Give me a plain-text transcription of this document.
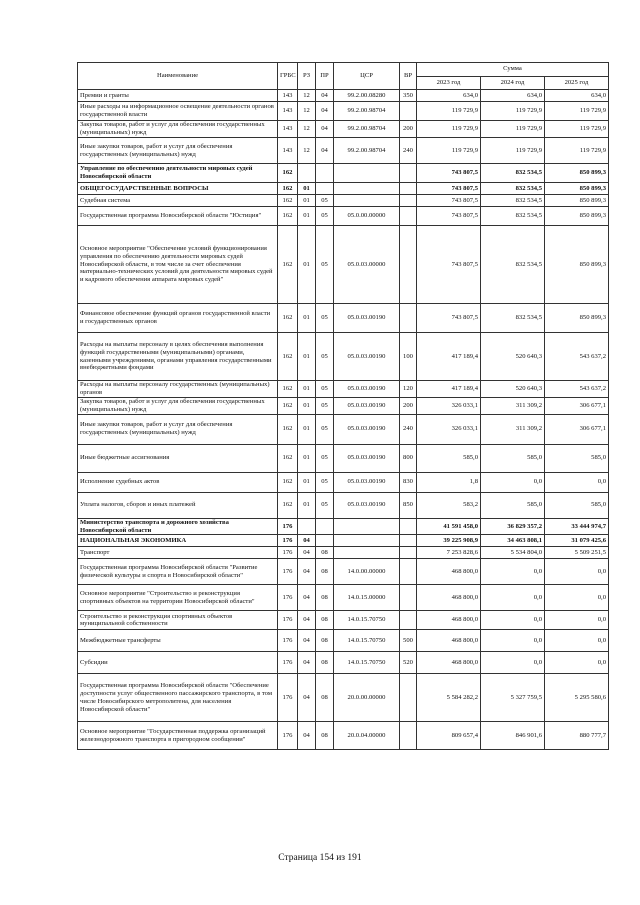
Наименование	ГРБС	РЗ	ПР	ЦСР	ВР	Сумма		
						2023 год	2024 год	2025 год
Премии и гранты	143	12	04	99.2.00.08280	350	634,0	634,0	634,0
Иные расходы на информационное освещение деятельности органов государственной власти	143	12	04	99.2.00.98704		119 729,9	119 729,9	119 729,9
Закупка товаров, работ и услуг для обеспечения государственных (муниципальных) нужд	143	12	04	99.2.00.98704	200	119 729,9	119 729,9	119 729,9
Иные закупки товаров, работ и услуг для обеспечения государственных (муниципальных) нужд	143	12	04	99.2.00.98704	240	119 729,9	119 729,9	119 729,9
Управление по обеспечению деятельности мировых судей Новосибирской области	162					743 807,5	832 534,5	850 899,3
ОБЩЕГОСУДАРСТВЕННЫЕ ВОПРОСЫ	162	01				743 807,5	832 534,5	850 899,3
Судебная система	162	01	05			743 807,5	832 534,5	850 899,3
Государственная программа Новосибирской области "Юстиция"	162	01	05	05.0.00.00000		743 807,5	832 534,5	850 899,3
Основное мероприятие "Обеспечение условий функционирования управления по обеспечению деятельности мировых судей Новосибирской области, в том числе за счет обеспечения материально-технических условий для деятельности мировых судей и кадрового обеспечения аппарата мировых судей"	162	01	05	05.0.03.00000		743 807,5	832 534,5	850 899,3
Финансовое обеспечение функций органов государственной власти и государственных органов	162	01	05	05.0.03.00190		743 807,5	832 534,5	850 899,3
Расходы на выплаты персоналу в целях обеспечения выполнения функций государственными (муниципальными) органами, казенными учреждениями, органами управления государственными внебюджетными фондами	162	01	05	05.0.03.00190	100	417 189,4	520 640,3	543 637,2
Расходы на выплаты персоналу государственных (муниципальных) органов	162	01	05	05.0.03.00190	120	417 189,4	520 640,3	543 637,2
Закупка товаров, работ и услуг для обеспечения государственных (муниципальных) нужд	162	01	05	05.0.03.00190	200	326 033,1	311 309,2	306 677,1
Иные закупки товаров, работ и услуг для обеспечения государственных (муниципальных) нужд	162	01	05	05.0.03.00190	240	326 033,1	311 309,2	306 677,1
Иные бюджетные ассигнования	162	01	05	05.0.03.00190	800	585,0	585,0	585,0
Исполнение судебных актов	162	01	05	05.0.03.00190	830	1,8	0,0	0,0
Уплата налогов, сборов и иных платежей	162	01	05	05.0.03.00190	850	583,2	585,0	585,0
Министерство транспорта и дорожного хозяйства Новосибирской области	176					41 591 458,0	36 829 357,2	33 444 974,7
НАЦИОНАЛЬНАЯ ЭКОНОМИКА	176	04				39 225 908,9	34 463 808,1	31 079 425,6
Транспорт	176	04	08			7 253 828,6	5 534 804,0	5 509 251,5
Государственная программа Новосибирской области "Развитие физической культуры и спорта в Новосибирской области"	176	04	08	14.0.00.00000		468 800,0	0,0	0,0
Основное мероприятие "Строительство и реконструкция спортивных объектов на территории Новосибирской области"	176	04	08	14.0.15.00000		468 800,0	0,0	0,0
Строительство и реконструкция спортивных объектов муниципальной собственности	176	04	08	14.0.15.70750		468 800,0	0,0	0,0
Межбюджетные трансферты	176	04	08	14.0.15.70750	500	468 800,0	0,0	0,0
Субсидии	176	04	08	14.0.15.70750	520	468 800,0	0,0	0,0
Государственная программа Новосибирской области "Обеспечение доступности услуг общественного пассажирского транспорта, в том числе Новосибирского метрополитена, для населения Новосибирской области"	176	04	08	20.0.00.00000		5 584 282,2	5 327 759,5	5 295 580,6
Основное мероприятие "Государственная поддержка организаций железнодорожного транспорта в пригородном сообщении"	176	04	08	20.0.04.00000		809 657,4	846 901,6	880 777,7
Страница 154 из 191
